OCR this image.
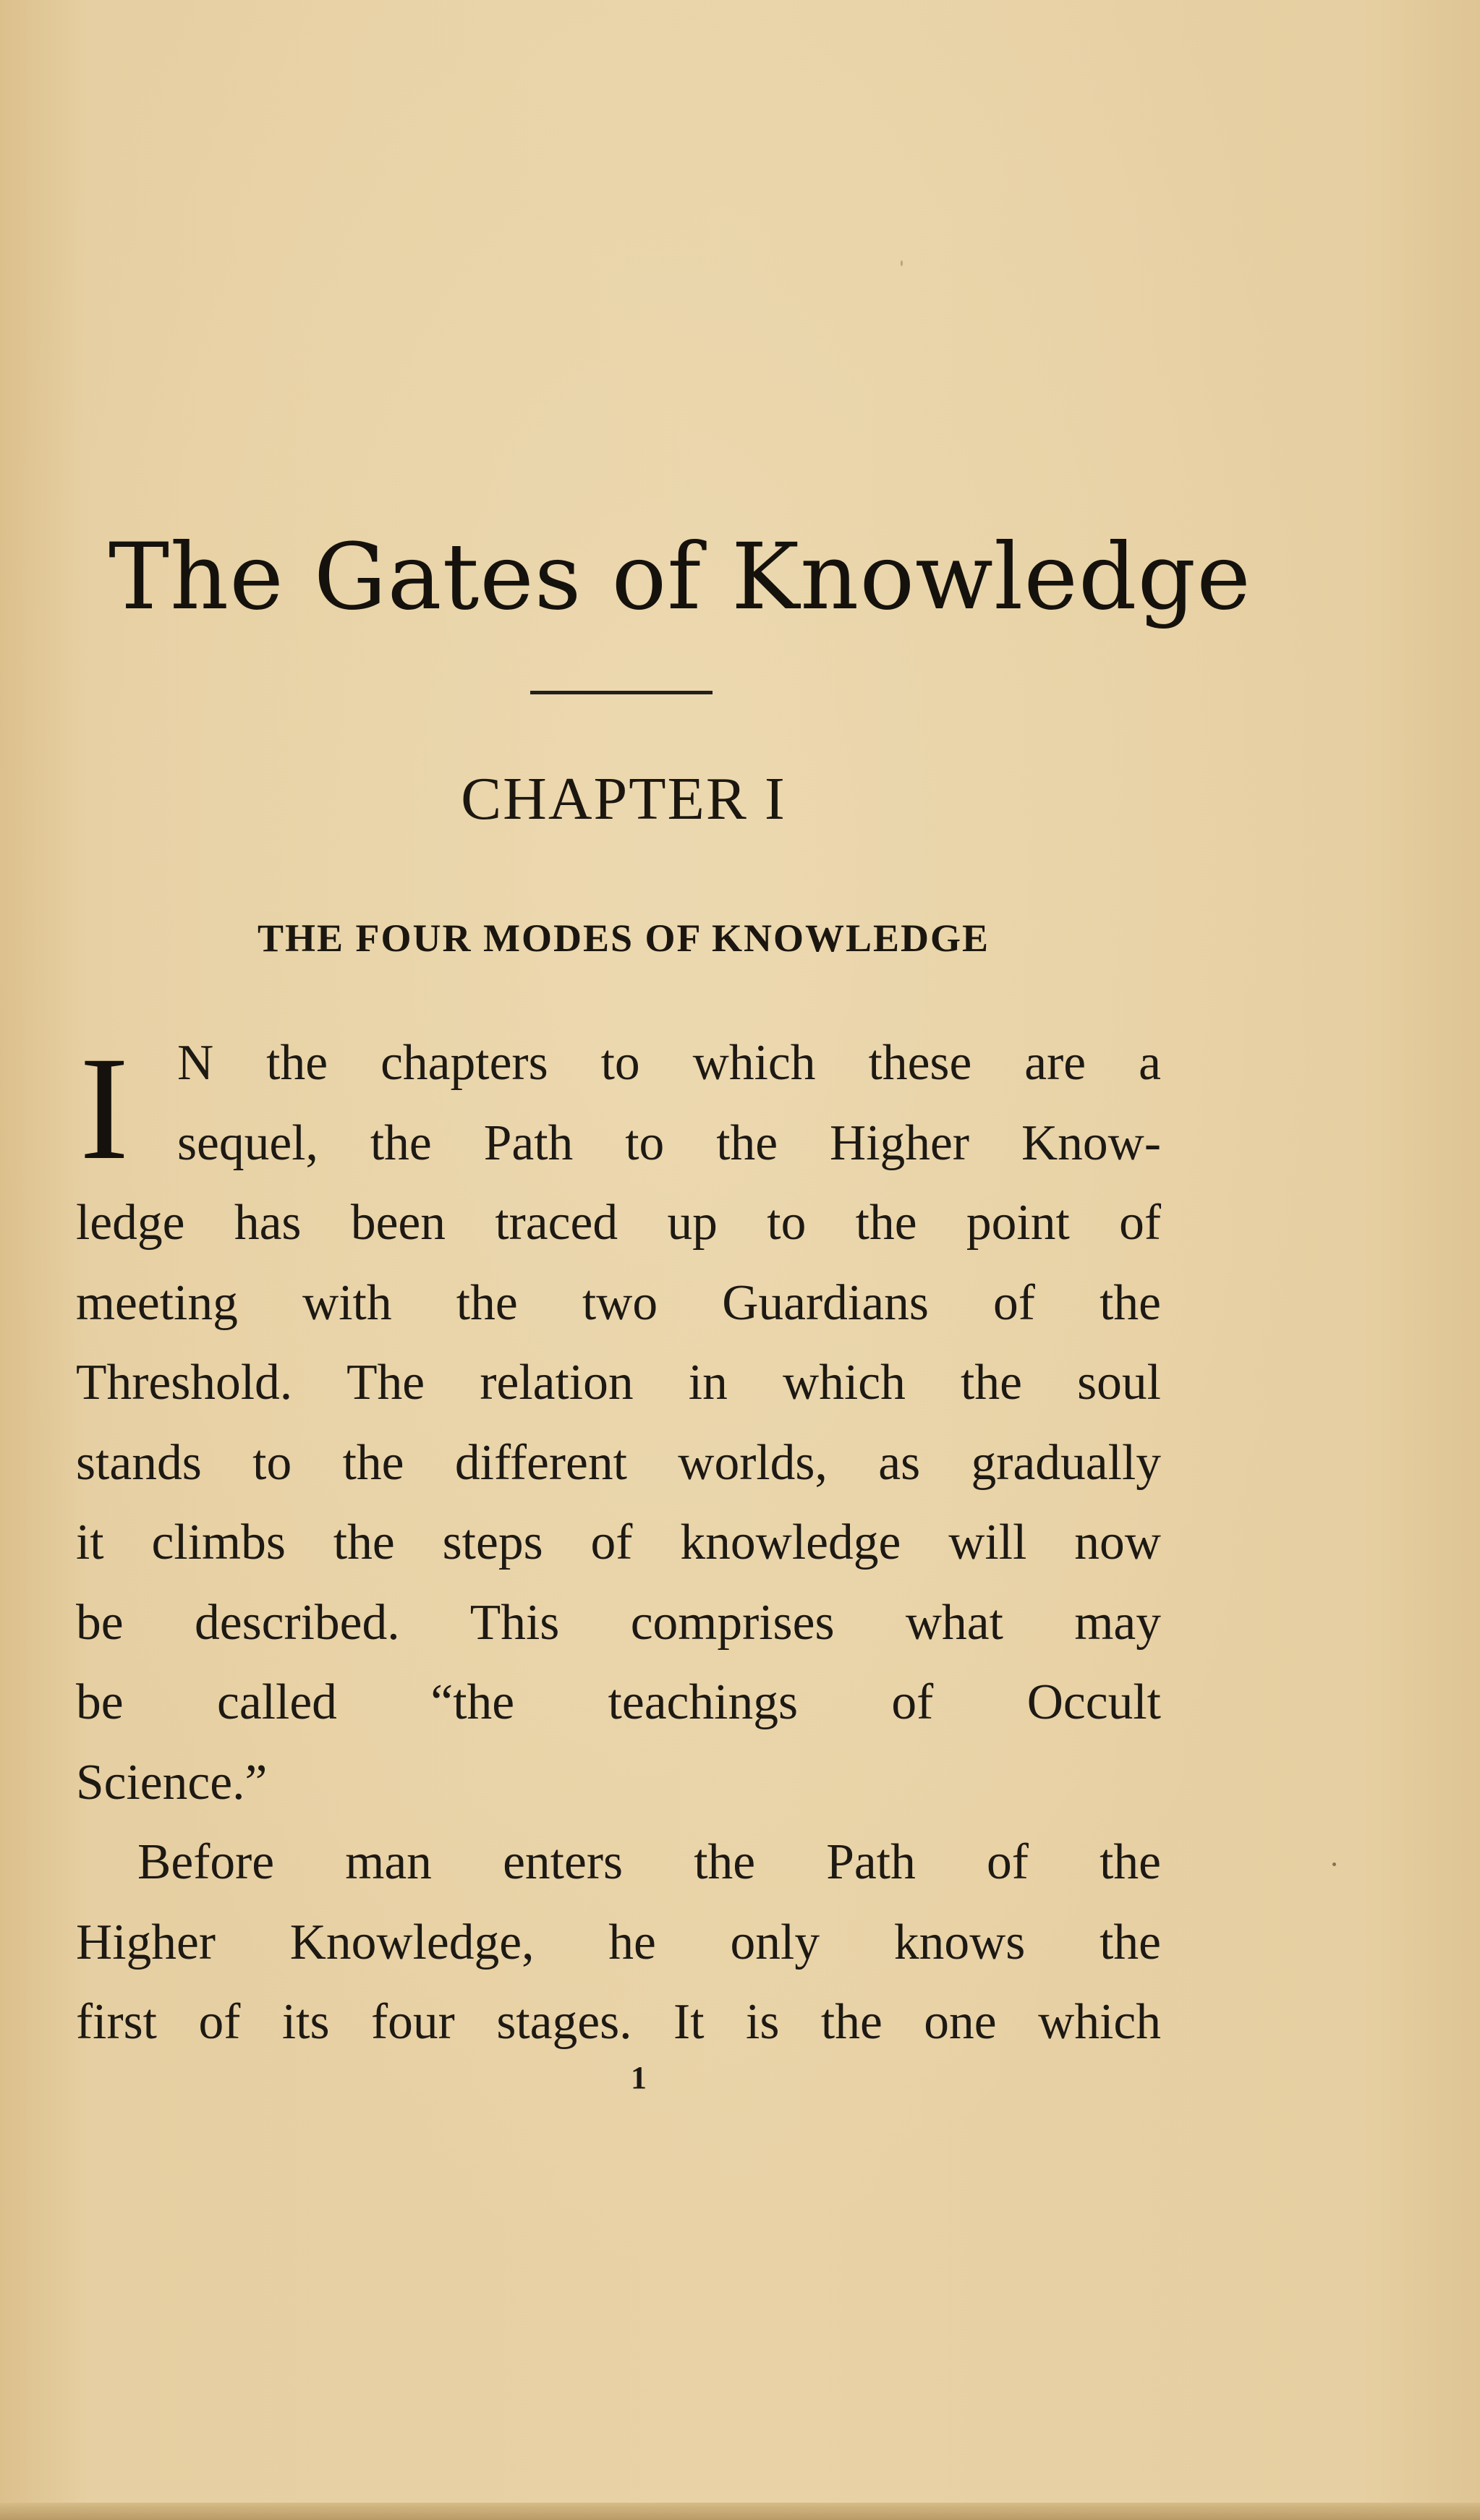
The Gates of Knowledge
CHAPTER I
THE FOUR MODES OF KNOWLEDGE
I N the chapters to which these are a
sequel, the Path to the Higher Know-
ledge has been traced up to the point of
meeting with the two Guardians of the
Threshold. The relation in which the soul
stands to the different worlds, as gradually
it climbs the steps of knowledge will now
be described. This comprises what may
be called “the teachings of Occult
Science.”
Before man enters the Path of the
Higher Knowledge, he only knows the
first of its four stages. It is the one which
1
